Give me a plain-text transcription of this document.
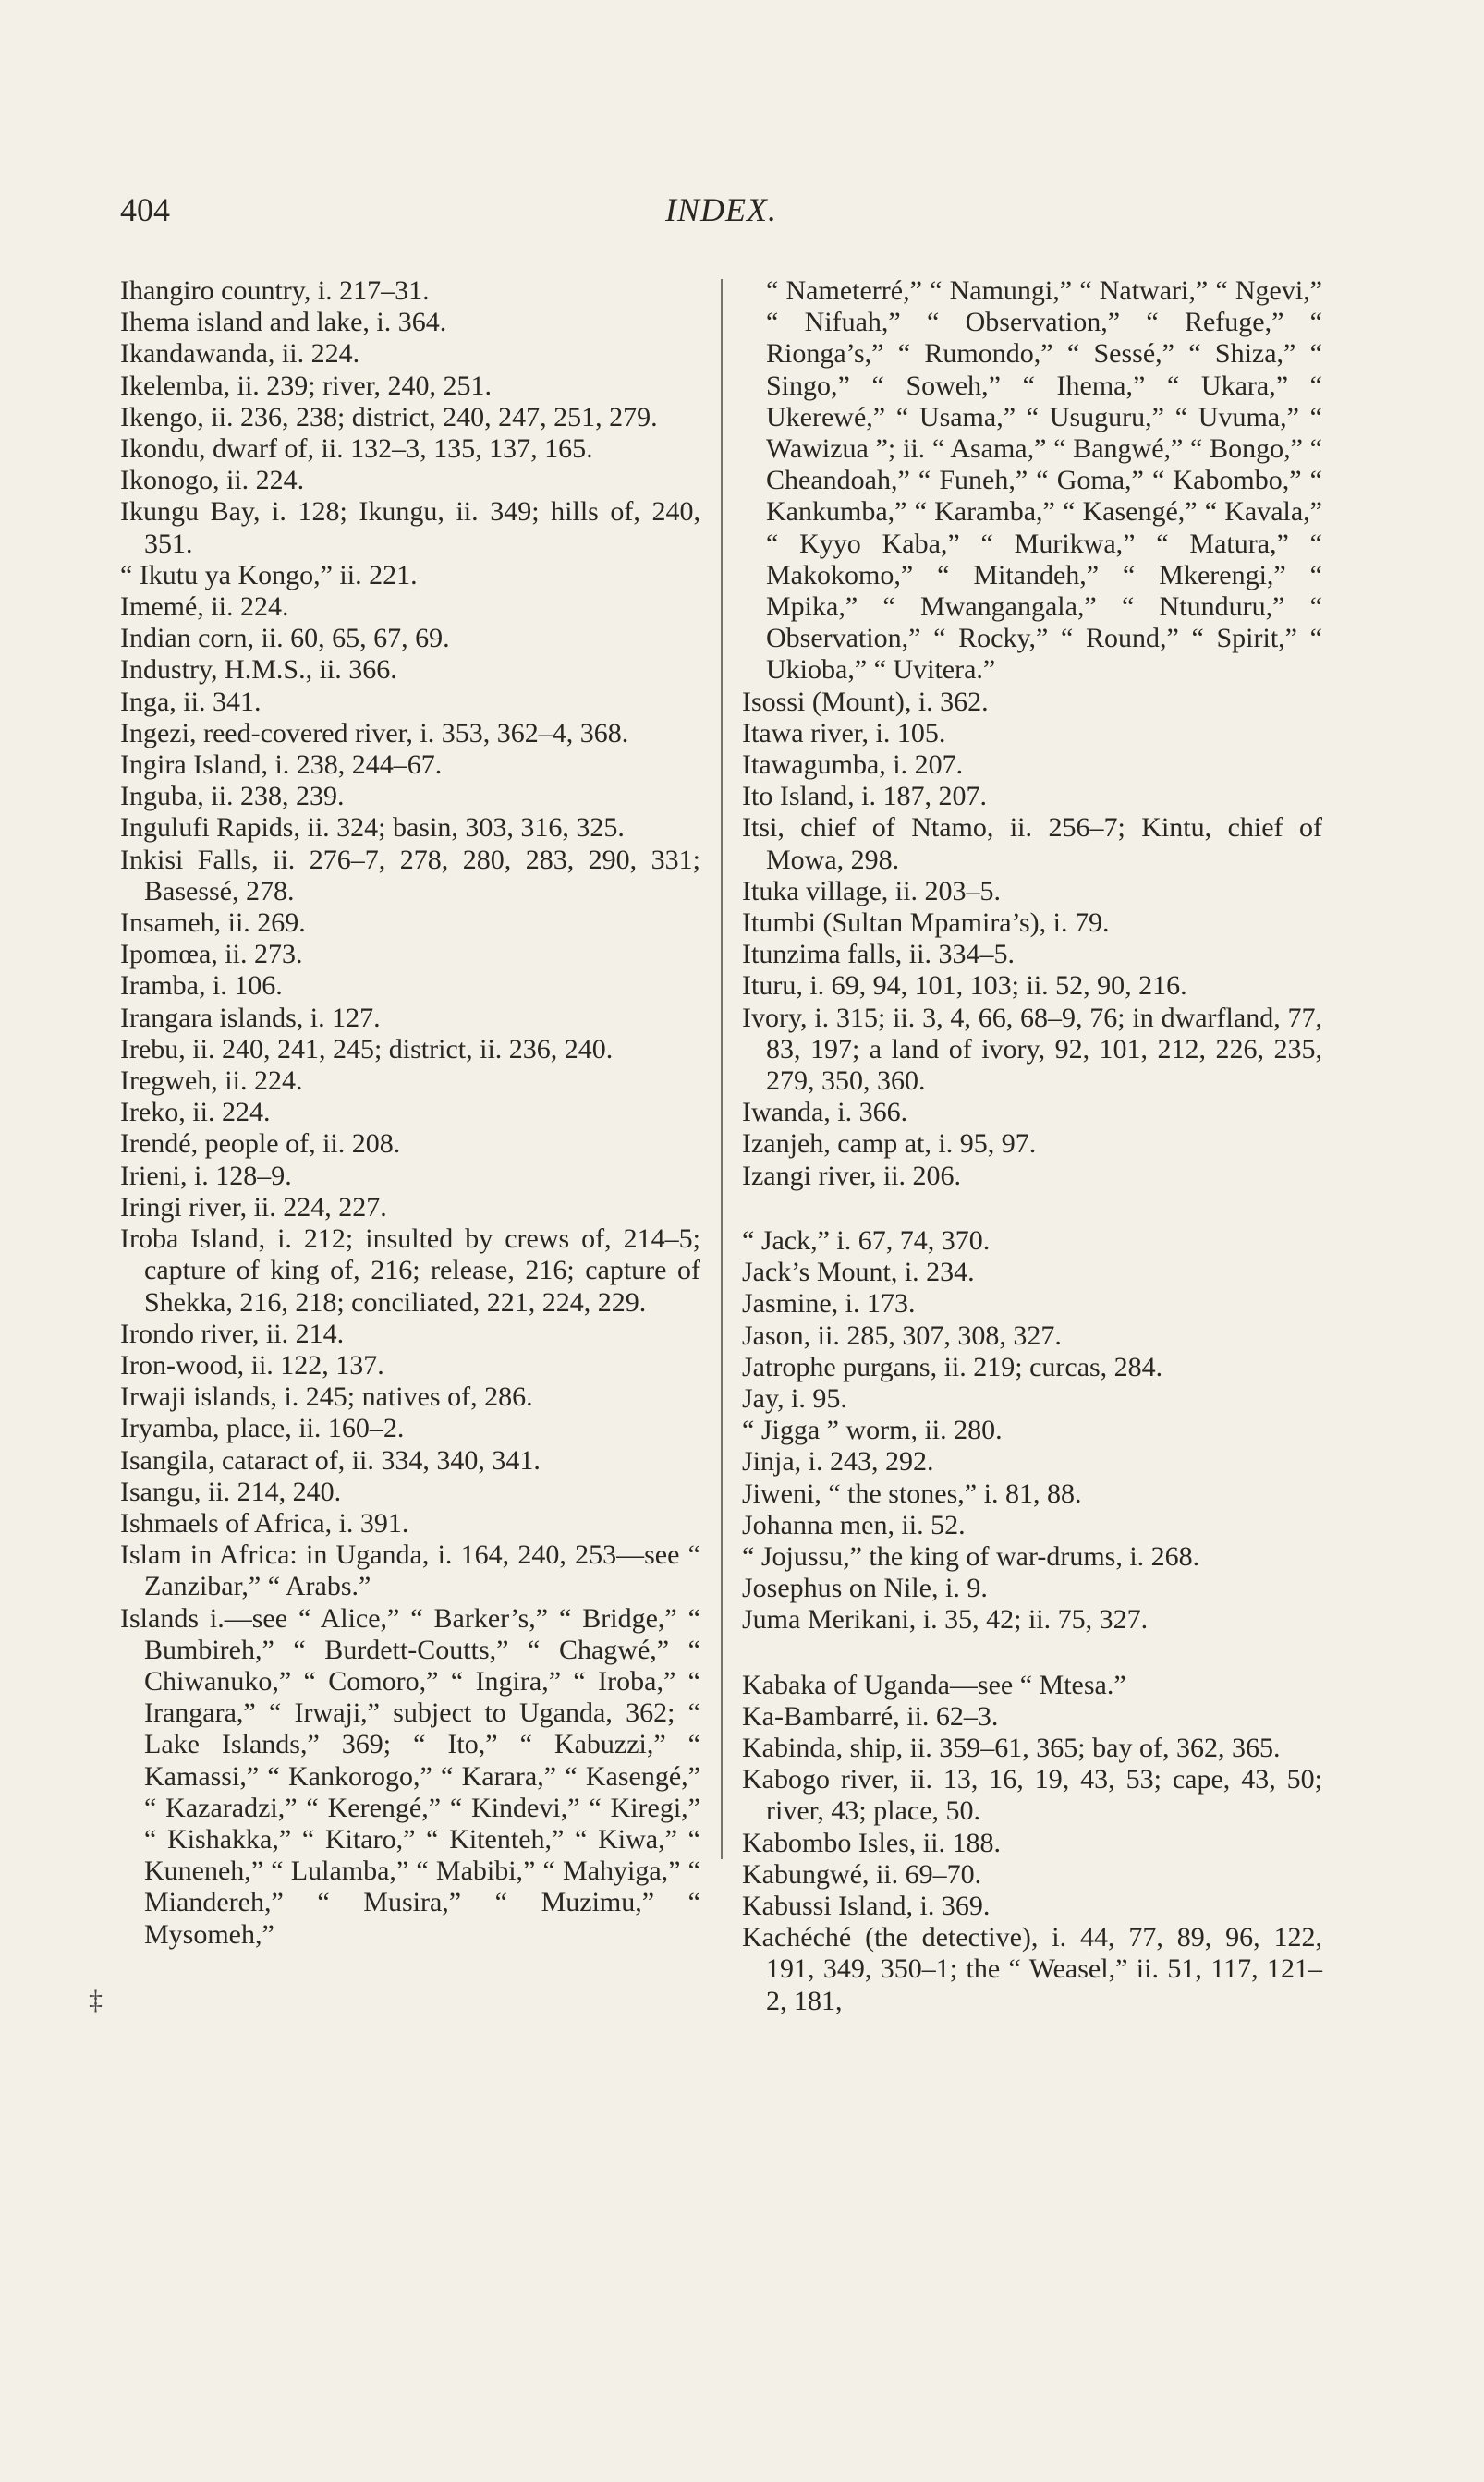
404	INDEX.
Ihangiro country, i. 217–31.
Ihema island and lake, i. 364.
Ikandawanda, ii. 224.
Ikelemba, ii. 239; river, 240, 251.
Ikengo, ii. 236, 238; district, 240, 247, 251, 279.
Ikondu, dwarf of, ii. 132–3, 135, 137, 165.
Ikonogo, ii. 224.
Ikungu Bay, i. 128; Ikungu, ii. 349; hills of, 240, 351.
“ Ikutu ya Kongo,” ii. 221.
Imemé, ii. 224.
Indian corn, ii. 60, 65, 67, 69.
Industry, H.M.S., ii. 366.
Inga, ii. 341.
Ingezi, reed-covered river, i. 353, 362–4, 368.
Ingira Island, i. 238, 244–67.
Inguba, ii. 238, 239.
Ingulufi Rapids, ii. 324; basin, 303, 316, 325.
Inkisi Falls, ii. 276–7, 278, 280, 283, 290, 331; Basessé, 278.
Insameh, ii. 269.
Ipomœa, ii. 273.
Iramba, i. 106.
Irangara islands, i. 127.
Irebu, ii. 240, 241, 245; district, ii. 236, 240.
Iregweh, ii. 224.
Ireko, ii. 224.
Irendé, people of, ii. 208.
Irieni, i. 128–9.
Iringi river, ii. 224, 227.
Iroba Island, i. 212; insulted by crews of, 214–5; capture of king of, 216; release, 216; capture of Shekka, 216, 218; conciliated, 221, 224, 229.
Irondo river, ii. 214.
Iron-wood, ii. 122, 137.
Irwaji islands, i. 245; natives of, 286.
Iryamba, place, ii. 160–2.
Isangila, cataract of, ii. 334, 340, 341.
Isangu, ii. 214, 240.
Ishmaels of Africa, i. 391.
Islam in Africa: in Uganda, i. 164, 240, 253—see “ Zanzibar,” “ Arabs.”
Islands i.—see “ Alice,” “ Barker’s,” “ Bridge,” “ Bumbireh,” “ Burdett-Coutts,” “ Chagwé,” “ Chiwanuko,” “ Comoro,” “ Ingira,” “ Iroba,” “ Irangara,” “ Irwaji,” subject to Uganda, 362; “ Lake Islands,” 369; “ Ito,” “ Kabuzzi,” “ Kamassi,” “ Kankorogo,” “ Karara,” “ Kasengé,” “ Kazaradzi,” “ Kerengé,” “ Kindevi,” “ Kiregi,” “ Kishakka,” “ Kitaro,” “ Kitenteh,” “ Kiwa,” “ Kuneneh,” “ Lulamba,” “ Mabibi,” “ Mahyiga,” “ Miandereh,” “ Musira,” “ Muzimu,” “ Mysomeh,”
“ Nameterré,” “ Namungi,” “ Natwari,” “ Ngevi,” “ Nifuah,” “ Observation,” “ Refuge,” “ Rionga’s,” “ Rumondo,” “ Sessé,” “ Shiza,” “ Singo,” “ Soweh,” “ Ihema,” “ Ukara,” “ Ukerewé,” “ Usama,” “ Usuguru,” “ Uvuma,” “ Wawizua ”; ii. “ Asama,” “ Bangwé,” “ Bongo,” “ Cheandoah,” “ Funeh,” “ Goma,” “ Kabombo,” “ Kankumba,” “ Karamba,” “ Kasengé,” “ Kavala,” “ Kyyo Kaba,” “ Murikwa,” “ Matura,” “ Makokomo,” “ Mitandeh,” “ Mkerengi,” “ Mpika,” “ Mwangangala,” “ Ntunduru,” “ Observation,” “ Rocky,” “ Round,” “ Spirit,” “ Ukioba,” “ Uvitera.”
Isossi (Mount), i. 362.
Itawa river, i. 105.
Itawagumba, i. 207.
Ito Island, i. 187, 207.
Itsi, chief of Ntamo, ii. 256–7; Kintu, chief of Mowa, 298.
Ituka village, ii. 203–5.
Itumbi (Sultan Mpamira’s), i. 79.
Itunzima falls, ii. 334–5.
Ituru, i. 69, 94, 101, 103; ii. 52, 90, 216.
Ivory, i. 315; ii. 3, 4, 66, 68–9, 76; in dwarfland, 77, 83, 197; a land of ivory, 92, 101, 212, 226, 235, 279, 350, 360.
Iwanda, i. 366.
Izanjeh, camp at, i. 95, 97.
Izangi river, ii. 206.
“ Jack,” i. 67, 74, 370.
Jack’s Mount, i. 234.
Jasmine, i. 173.
Jason, ii. 285, 307, 308, 327.
Jatrophe purgans, ii. 219; curcas, 284.
Jay, i. 95.
“ Jigga ” worm, ii. 280.
Jinja, i. 243, 292.
Jiweni, “ the stones,” i. 81, 88.
Johanna men, ii. 52.
“ Jojussu,” the king of war-drums, i. 268.
Josephus on Nile, i. 9.
Juma Merikani, i. 35, 42; ii. 75, 327.
Kabaka of Uganda—see “ Mtesa.”
Ka-Bambarré, ii. 62–3.
Kabinda, ship, ii. 359–61, 365; bay of, 362, 365.
Kabogo river, ii. 13, 16, 19, 43, 53; cape, 43, 50; river, 43; place, 50.
Kabombo Isles, ii. 188.
Kabungwé, ii. 69–70.
Kabussi Island, i. 369.
Kachéché (the detective), i. 44, 77, 89, 96, 122, 191, 349, 350–1; the “ Weasel,” ii. 51, 117, 121–2, 181,
‡
